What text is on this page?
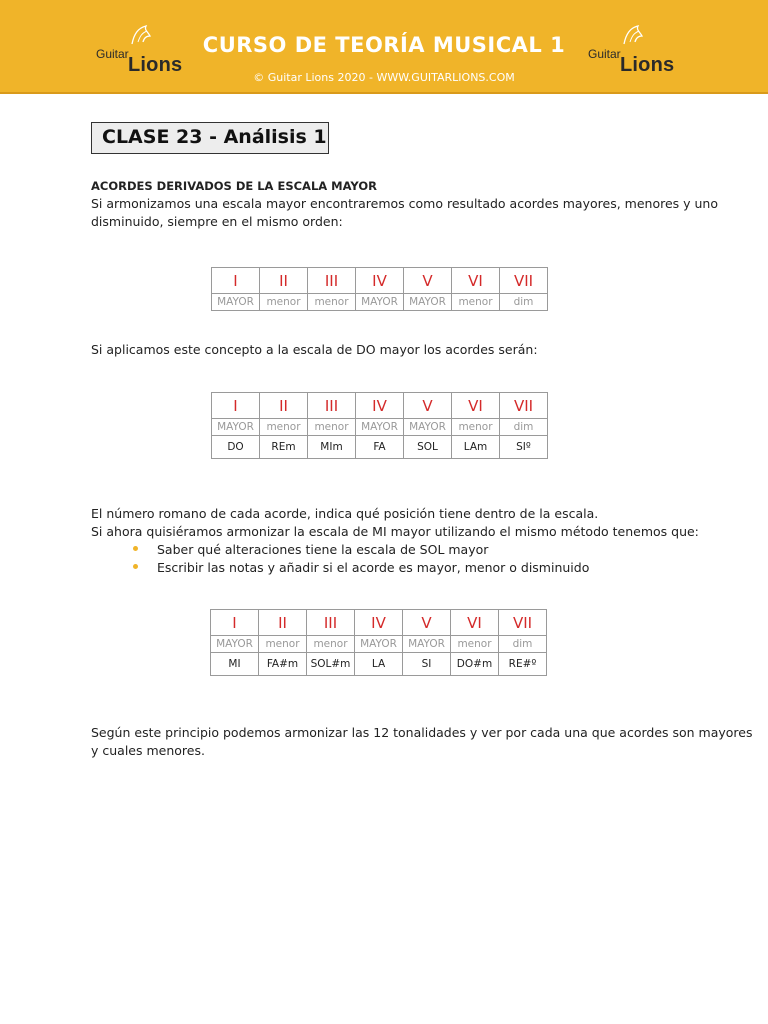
Guitar Lions
CURSO DE TEORÍA MUSICAL 1
© Guitar Lions 2020 - WWW.GUITARLIONS.COM
Guitar Lions
CLASE 23 - Análisis 1
ACORDES DERIVADOS DE LA ESCALA MAYOR
Si armonizamos una escala mayor encontraremos como resultado acordes mayores, menores y uno
disminuido, siempre en el mismo orden:
I	II	III	IV	V	VI	VII
MAYOR	menor	menor	MAYOR	MAYOR	menor	dim
Si aplicamos este concepto a la escala de DO mayor los acordes serán:
I	II	III	IV	V	VI	VII
MAYOR	menor	menor	MAYOR	MAYOR	menor	dim
DO	REm	MIm	FA	SOL	LAm	SIº
El número romano de cada acorde, indica qué posición tiene dentro de la escala.
Si ahora quisiéramos armonizar la escala de MI mayor utilizando el mismo método tenemos que:
Saber qué alteraciones tiene la escala de SOL mayor
Escribir las notas y añadir si el acorde es mayor, menor o disminuido
I	II	III	IV	V	VI	VII
MAYOR	menor	menor	MAYOR	MAYOR	menor	dim
MI	FA#m	SOL#m	LA	SI	DO#m	RE#º
Según este principio podemos armonizar las 12 tonalidades y ver por cada una que acordes son mayores
y cuales menores.
